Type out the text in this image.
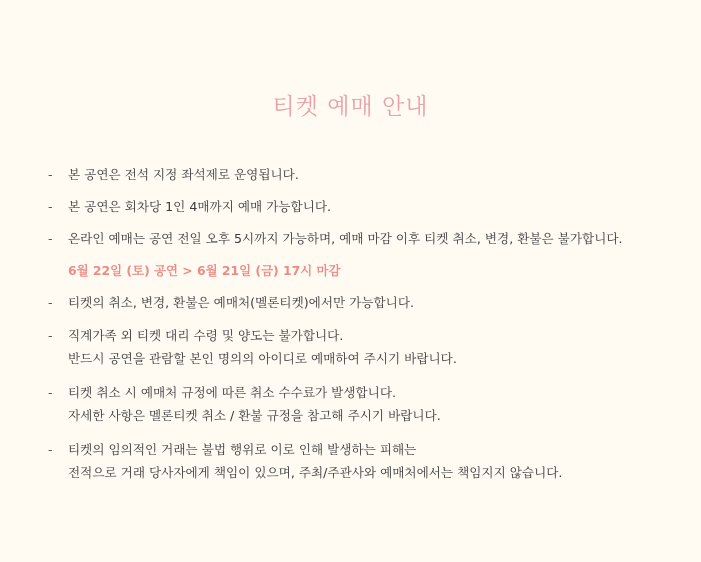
티켓 예매 안내
-	본 공연은 전석 지정 좌석제로 운영됩니다.
-	본 공연은 회차당 1인 4매까지 예매 가능합니다.
-	온라인 예매는 공연 전일 오후 5시까지 가능하며, 예매 마감 이후 티켓 취소, 변경, 환불은 불가합니다.
6월 22일 (토) 공연 > 6월 21일 (금) 17시 마감
-	티켓의 취소, 변경, 환불은 예매처(멜론티켓)에서만 가능합니다.
-	직계가족 외 티켓 대리 수령 및 양도는 불가합니다.
반드시 공연을 관람할 본인 명의의 아이디로 예매하여 주시기 바랍니다.
-	티켓 취소 시 예매처 규정에 따른 취소 수수료가 발생합니다.
자세한 사항은 멜론티켓 취소 / 환불 규정을 참고해 주시기 바랍니다.
-	티켓의 임의적인 거래는 불법 행위로 이로 인해 발생하는 피해는
전적으로 거래 당사자에게 책임이 있으며, 주최/주관사와 예매처에서는 책임지지 않습니다.
